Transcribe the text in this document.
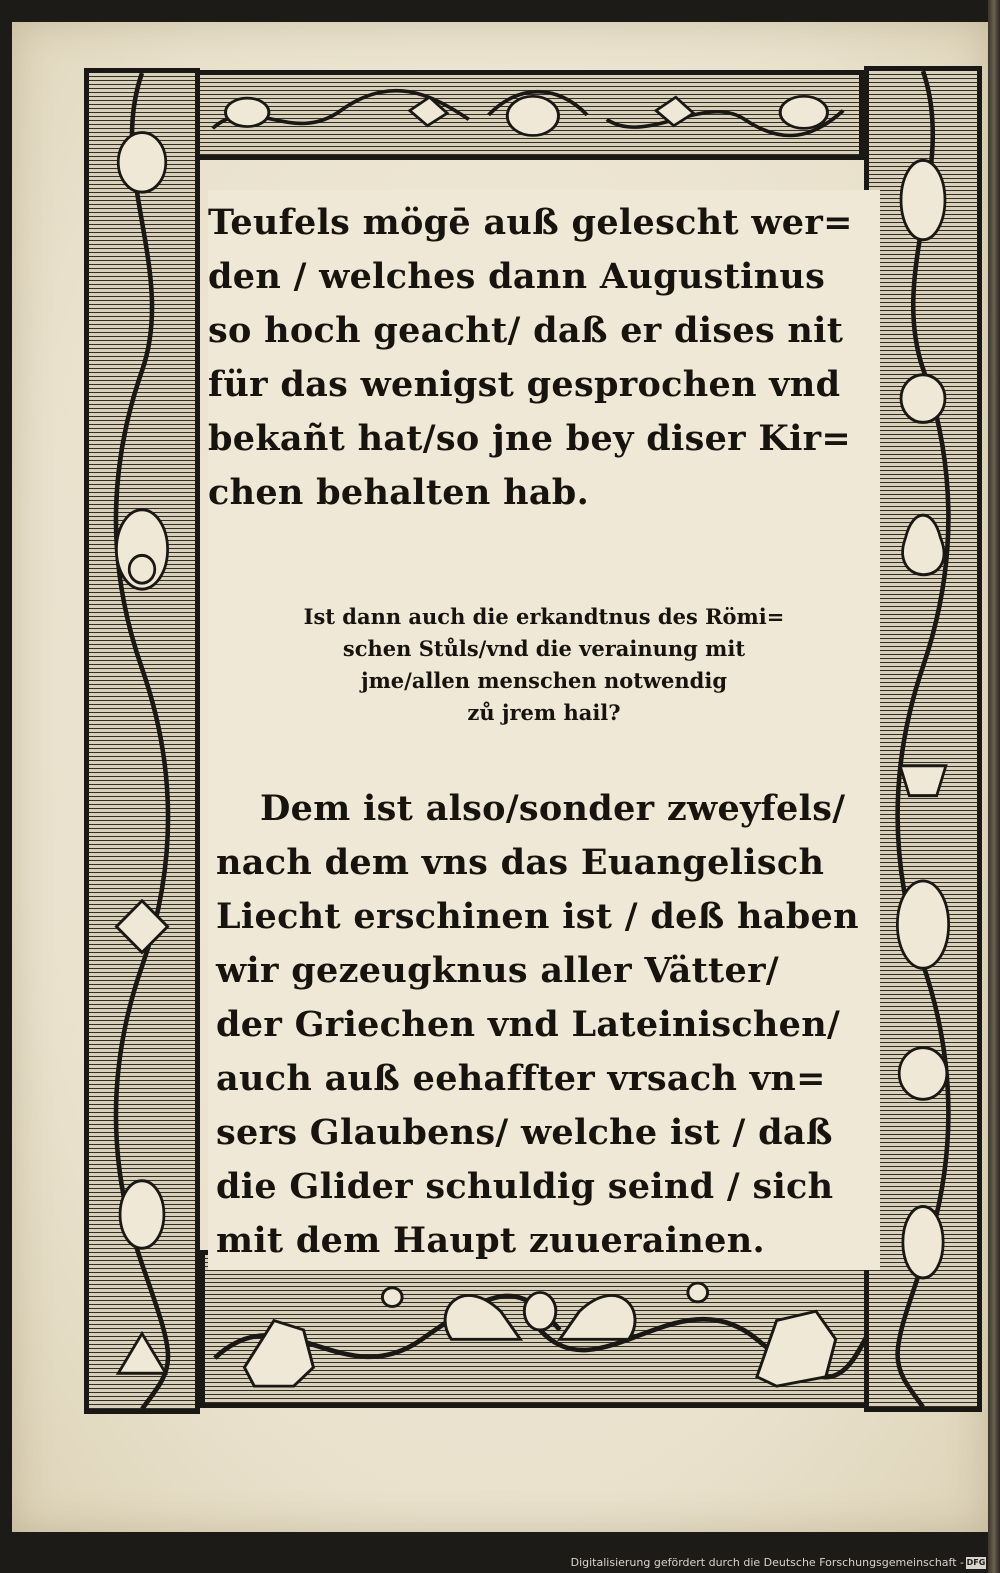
Teufels mögē auß gelescht wer=
den / welches dann Augustinus
so hoch geacht/ daß er dises nit
für das wenigst gesprochen vnd
bekañt hat/so jne bey diser Kir=
chen behalten hab.
Ist dann auch die erkandtnus des Römi=
schen Stůls/vnd die verainung mit
jme/allen menschen notwendig
zů jrem hail?
Dem ist also/sonder zweyfels/
nach dem vns das Euangelisch
Liecht erschinen ist / deß haben
wir gezeugknus aller Vätter/
der Griechen vnd Lateinischen/
auch auß eehaffter vrsach vn=
sers Glaubens/ welche ist / daß
die Glider schuldig seind / sich
mit dem Haupt zuuerainen.
Digitalisierung gefördert durch die Deutsche Forschungsgemeinschaft - DFG
